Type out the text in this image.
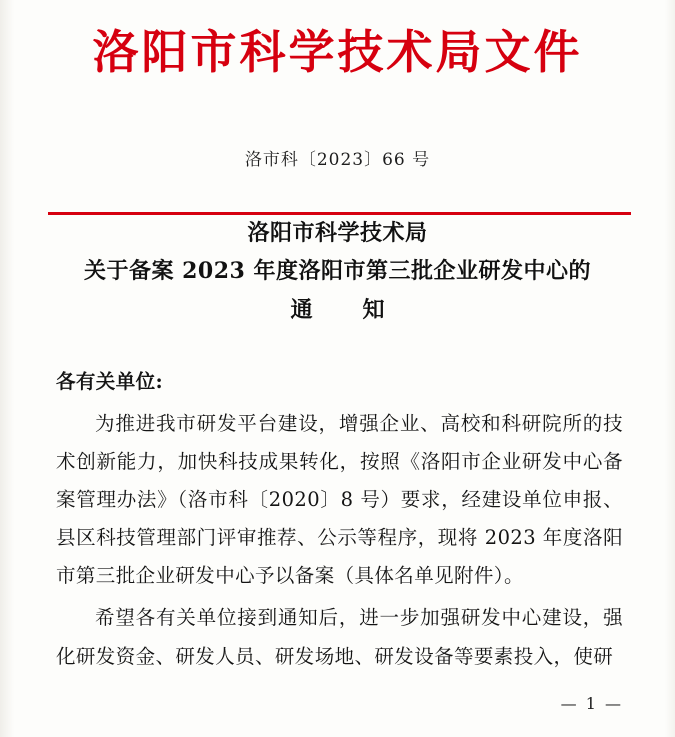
洛阳市科学技术局文件
洛市科〔2023〕66 号
洛阳市科学技术局
关于备案 2023 年度洛阳市第三批企业研发中心的
通　知

各有关单位:

为推进我市研发平台建设，增强企业、高校和科研院所的技术创新能力，加快科技成果转化，按照《洛阳市企业研发中心备案管理办法》（洛市科〔2020〕8 号）要求，经建设单位申报、县区科技管理部门评审推荐、公示等程序，现将 2023 年度洛阳市第三批企业研发中心予以备案（具体名单见附件）。

希望各有关单位接到通知后，进一步加强研发中心建设，强化研发资金、研发人员、研发场地、研发设备等要素投入，使研

— 1 —
